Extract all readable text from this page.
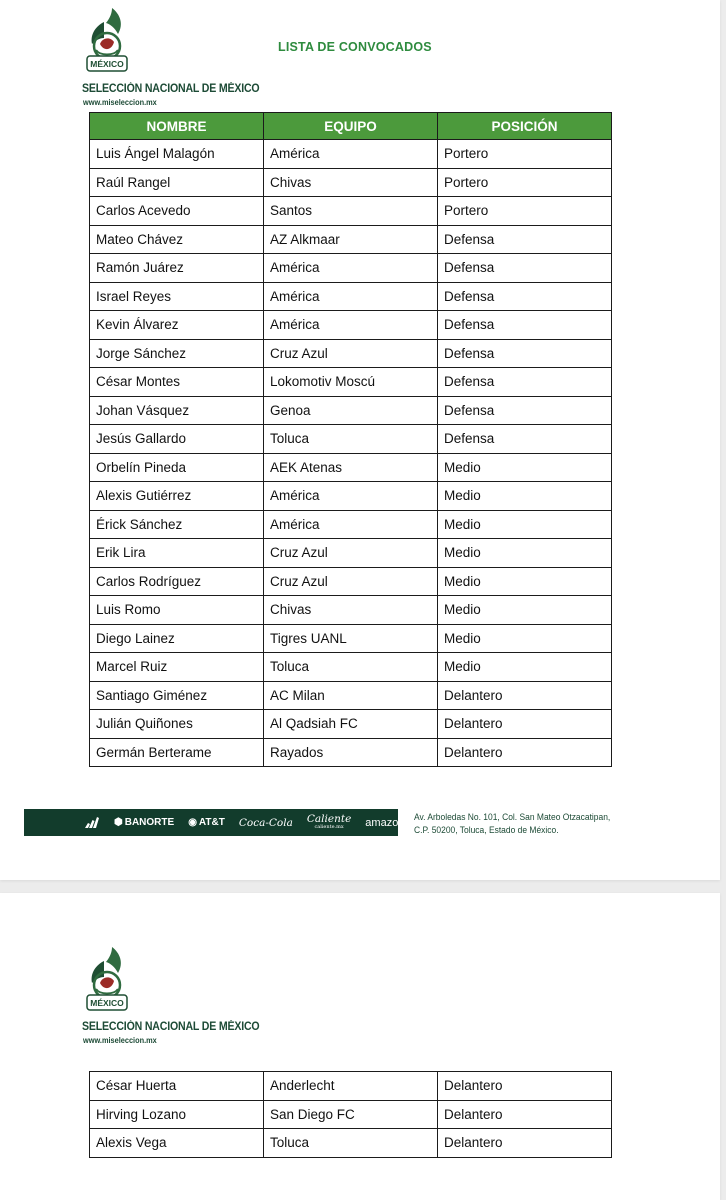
MÉXICO
LISTA DE CONVOCADOS
SELECCIÓN NACIONAL DE MÉXICO
www.miseleccion.mx
NOMBRE	EQUIPO	POSICIÓN
Luis Ángel Malagón	América	Portero
Raúl Rangel	Chivas	Portero
Carlos Acevedo	Santos	Portero
Mateo Chávez	AZ Alkmaar	Defensa
Ramón Juárez	América	Defensa
Israel Reyes	América	Defensa
Kevin Álvarez	América	Defensa
Jorge Sánchez	Cruz Azul	Defensa
César Montes	Lokomotiv Moscú	Defensa
Johan Vásquez	Genoa	Defensa
Jesús Gallardo	Toluca	Defensa
Orbelín Pineda	AEK Atenas	Medio
Alexis Gutiérrez	América	Medio
Érick Sánchez	América	Medio
Erik Lira	Cruz Azul	Medio
Carlos Rodríguez	Cruz Azul	Medio
Luis Romo	Chivas	Medio
Diego Lainez	Tigres UANL	Medio
Marcel Ruiz	Toluca	Medio
Santiago Giménez	AC Milan	Delantero
Julián Quiñones	Al Qadsiah FC	Delantero
Germán Berterame	Rayados	Delantero
⬢ BANORTE ◉ AT&T Coca-Cola Caliente
caliente.mx amazon Av. Arboledas No. 101, Col. San Mateo Otzacatipan,
C.P. 50200, Toluca, Estado de México.
MÉXICO
SELECCIÓN NACIONAL DE MÉXICO
www.miseleccion.mx
César Huerta	Anderlecht	Delantero
Hirving Lozano	San Diego FC	Delantero
Alexis Vega	Toluca	Delantero
